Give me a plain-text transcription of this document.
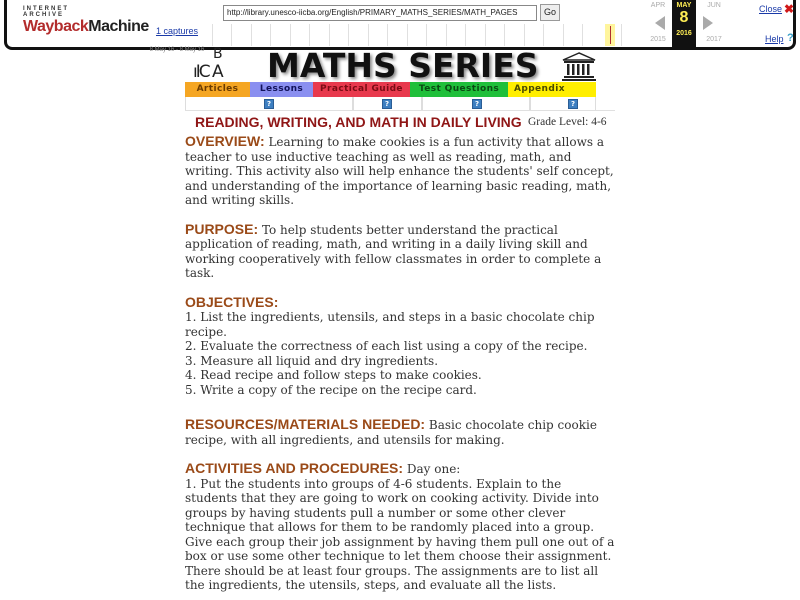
INTERNET ARCHIVE
WaybackMachine 1 captures
8 May 16 - 8 May 16
http://library.unesco-iicba.org/English/PRIMARY_MATHS_SERIES/MATH_PAGES	Go
APR	JUN
MAY
8
2016
2015	2017
Close ✖
Help ?
B
ıIC A MATHS SERIES
Articles	Lessons	Practical Guide	Test Questions	Appendix
?	?	?	?
READING, WRITING, AND MATH IN DAILY LIVING Grade Level: 4-6

OVERVIEW: Learning to make cookies is a fun activity that allows a teacher to use inductive teaching as well as reading, math, and writing. This activity also will help enhance the students' self concept, and understanding of the importance of learning basic reading, math, and writing skills.

PURPOSE: To help students better understand the practical application of reading, math, and writing in a daily living skill and working cooperatively with fellow classmates in order to complete a task.

OBJECTIVES:
1. List the ingredients, utensils, and steps in a basic chocolate chip recipe.
2. Evaluate the correctness of each list using a copy of the recipe.
3. Measure all liquid and dry ingredients.
4. Read recipe and follow steps to make cookies.
5. Write a copy of the recipe on the recipe card.

RESOURCES/MATERIALS NEEDED: Basic chocolate chip cookie recipe, with all ingredients, and utensils for making.

ACTIVITIES AND PROCEDURES: Day one:
1. Put the students into groups of 4-6 students. Explain to the students that they are going to work on cooking activity. Divide into groups by having students pull a number or some other clever technique that allows for them to be randomly placed into a group. Give each group their job assignment by having them pull one out of a box or use some other technique to let them choose their assignment. There should be at least four groups. The assignments are to list all the ingredients, the utensils, steps, and evaluate all the lists.
